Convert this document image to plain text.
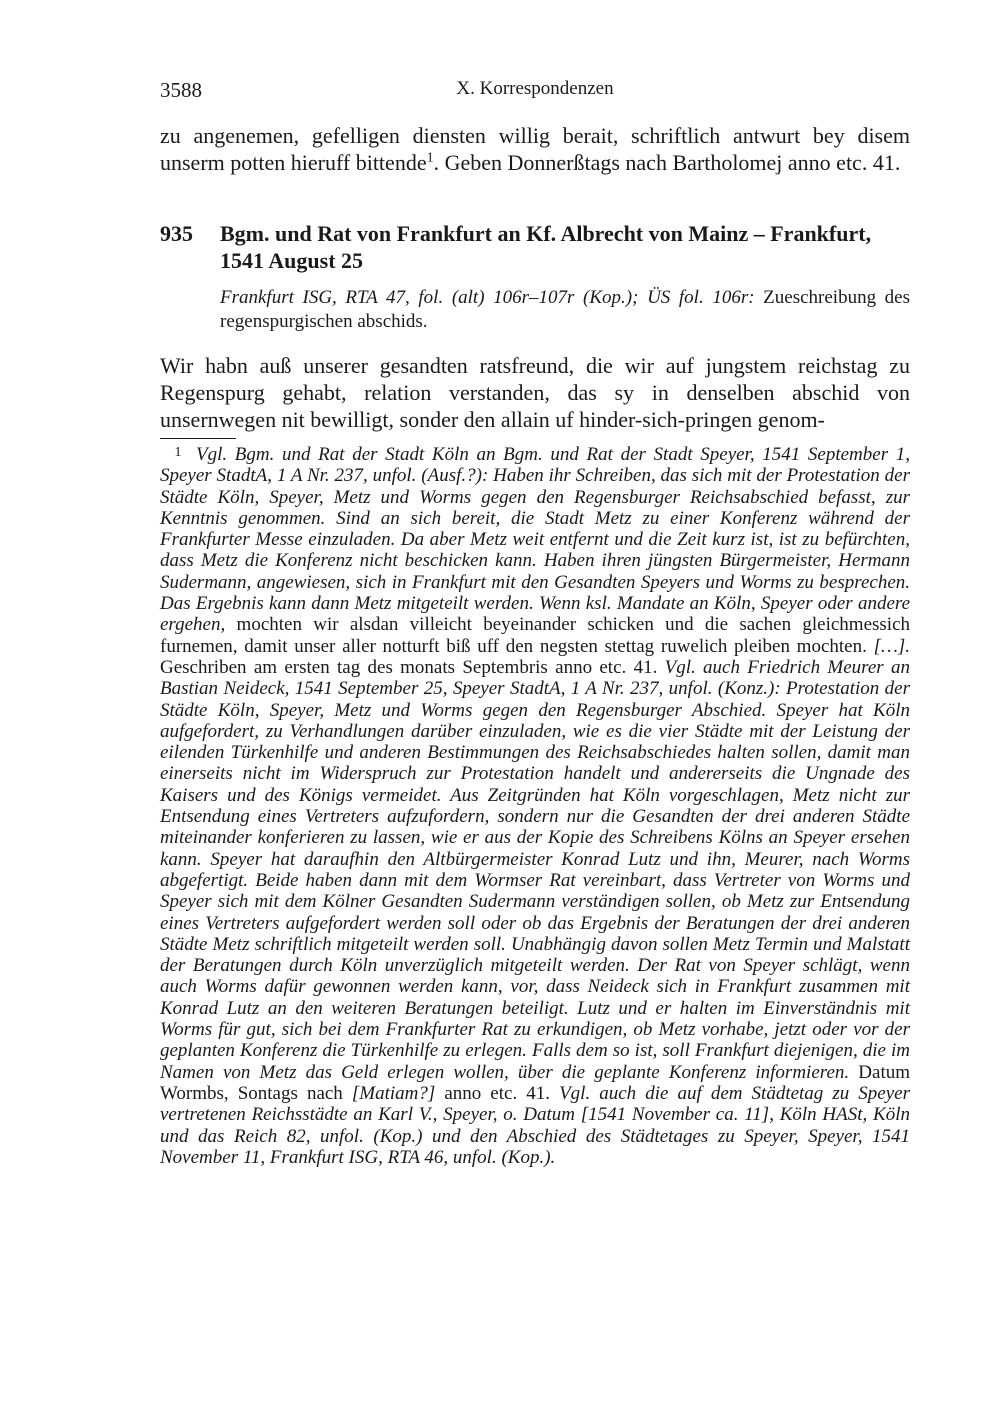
3588	X. Korrespondenzen

zu angenemen, gefelligen diensten willig berait, schriftlich antwurt bey disem unserm potten hieruff bittende$^1$. Geben Donnerßtags nach Bartholomej anno etc. 41.

935	Bgm. und Rat von Frankfurt an Kf. Albrecht von Mainz – Frankfurt, 1541 August 25

Frankfurt ISG, RTA 47, fol. (alt) 106r–107r (Kop.); ÜS fol. 106r: Zueschreibung des regenspurgischen abschids.

Wir habn auß unserer gesandten ratsfreund, die wir auf jungstem reichstag zu Regenspurg gehabt, relation verstanden, das sy in denselben abschid von unsernwegen nit bewilligt, sonder den allain uf hinder-sich-pringen genom-

1 Vgl. Bgm. und Rat der Stadt Köln an Bgm. und Rat der Stadt Speyer, 1541 September 1, Speyer StadtA, 1 A Nr. 237, unfol. (Ausf.?): Haben ihr Schreiben, das sich mit der Protestation der Städte Köln, Speyer, Metz und Worms gegen den Regensburger Reichsabschied befasst, zur Kenntnis genommen. Sind an sich bereit, die Stadt Metz zu einer Konferenz während der Frankfurter Messe einzuladen. Da aber Metz weit entfernt und die Zeit kurz ist, ist zu befürchten, dass Metz die Konferenz nicht beschicken kann. Haben ihren jüngsten Bürgermeister, Hermann Sudermann, angewiesen, sich in Frankfurt mit den Gesandten Speyers und Worms zu besprechen. Das Ergebnis kann dann Metz mitgeteilt werden. Wenn ksl. Mandate an Köln, Speyer oder andere ergehen, mochten wir alsdan villeicht beyeinander schicken und die sachen gleichmessich furnemen, damit unser aller notturft biß uff den negsten stettag ruwelich pleiben mochten. […]. Geschriben am ersten tag des monats Septembris anno etc. 41. Vgl. auch Friedrich Meurer an Bastian Neideck, 1541 September 25, Speyer StadtA, 1 A Nr. 237, unfol. (Konz.): Protestation der Städte Köln, Speyer, Metz und Worms gegen den Regensburger Abschied. Speyer hat Köln aufgefordert, zu Verhandlungen darüber einzuladen, wie es die vier Städte mit der Leistung der eilenden Türkenhilfe und anderen Bestimmungen des Reichsabschiedes halten sollen, damit man einerseits nicht im Widerspruch zur Protestation handelt und andererseits die Ungnade des Kaisers und des Königs vermeidet. Aus Zeitgründen hat Köln vorgeschlagen, Metz nicht zur Entsendung eines Vertreters aufzufordern, sondern nur die Gesandten der drei anderen Städte miteinander konferieren zu lassen, wie er aus der Kopie des Schreibens Kölns an Speyer ersehen kann. Speyer hat daraufhin den Altbürgermeister Konrad Lutz und ihn, Meurer, nach Worms abgefertigt. Beide haben dann mit dem Wormser Rat vereinbart, dass Vertreter von Worms und Speyer sich mit dem Kölner Gesandten Sudermann verständigen sollen, ob Metz zur Entsendung eines Vertreters aufgefordert werden soll oder ob das Ergebnis der Beratungen der drei anderen Städte Metz schriftlich mitgeteilt werden soll. Unabhängig davon sollen Metz Termin und Malstatt der Beratungen durch Köln unverzüglich mitgeteilt werden. Der Rat von Speyer schlägt, wenn auch Worms dafür gewonnen werden kann, vor, dass Neideck sich in Frankfurt zusammen mit Konrad Lutz an den weiteren Beratungen beteiligt. Lutz und er halten im Einverständnis mit Worms für gut, sich bei dem Frankfurter Rat zu erkundigen, ob Metz vorhabe, jetzt oder vor der geplanten Konferenz die Türkenhilfe zu erlegen. Falls dem so ist, soll Frankfurt diejenigen, die im Namen von Metz das Geld erlegen wollen, über die geplante Konferenz informieren. Datum Wormbs, Sontags nach [Matiam?] anno etc. 41. Vgl. auch die auf dem Städtetag zu Speyer vertretenen Reichsstädte an Karl V., Speyer, o. Datum [1541 November ca. 11], Köln HASt, Köln und das Reich 82, unfol. (Kop.) und den Abschied des Städtetages zu Speyer, Speyer, 1541 November 11, Frankfurt ISG, RTA 46, unfol. (Kop.).
